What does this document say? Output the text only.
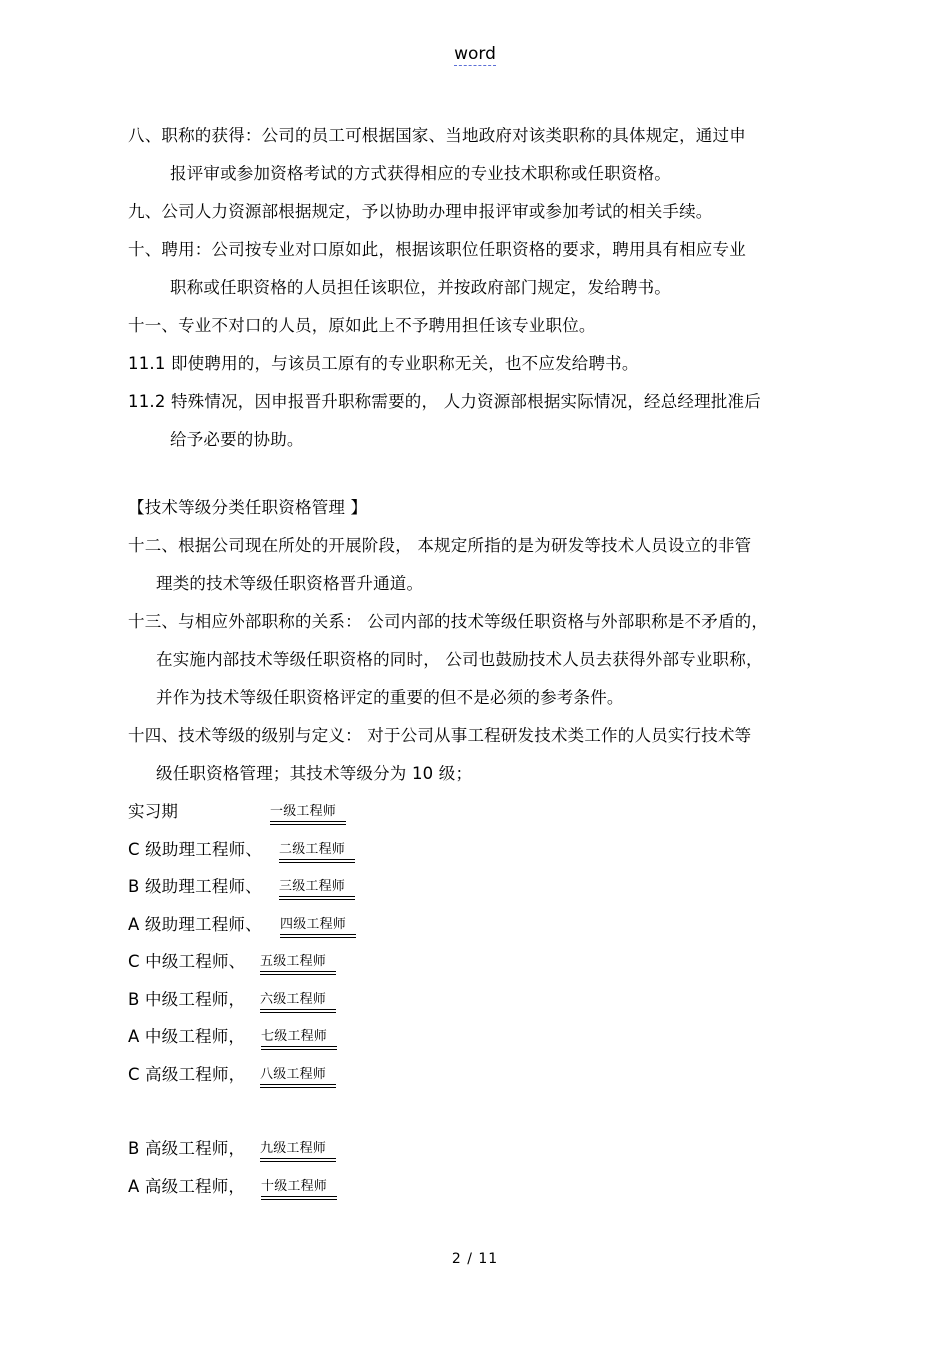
word
八、职称的获得：公司的员工可根据国家、当地政府对该类职称的具体规定，通过申
报评审或参加资格考试的方式获得相应的专业技术职称或任职资格。
九、公司人力资源部根据规定，予以协助办理申报评审或参加考试的相关手续。
十、聘用：公司按专业对口原如此，根据该职位任职资格的要求，聘用具有相应专业
职称或任职资格的人员担任该职位，并按政府部门规定，发给聘书。
十一、专业不对口的人员，原如此上不予聘用担任该专业职位。
11.1 即使聘用的，与该员工原有的专业职称无关，也不应发给聘书。
11.2 特殊情况，因申报晋升职称需要的， 人力资源部根据实际情况，经总经理批准后
给予必要的协助。
【技术等级分类任职资格管理 】
十二、根据公司现在所处的开展阶段， 本规定所指的是为研发等技术人员设立的非管
理类的技术等级任职资格晋升通道。
十三、与相应外部职称的关系： 公司内部的技术等级任职资格与外部职称是不矛盾的，
在实施内部技术等级任职资格的同时， 公司也鼓励技术人员去获得外部专业职称，
并作为技术等级任职资格评定的重要的但不是必须的参考条件。
十四、技术等级的级别与定义： 对于公司从事工程研发技术类工作的人员实行技术等
级任职资格管理；其技术等级分为 10 级；
实习期	一级工程师
C 级助理工程师、 二级工程师
B 级助理工程师、 三级工程师
A 级助理工程师、 四级工程师
C 中级工程师、 五级工程师
B 中级工程师， 六级工程师
A 中级工程师， 七级工程师
C 高级工程师， 八级工程师
B 高级工程师， 九级工程师
A 高级工程师， 十级工程师
2 / 11
